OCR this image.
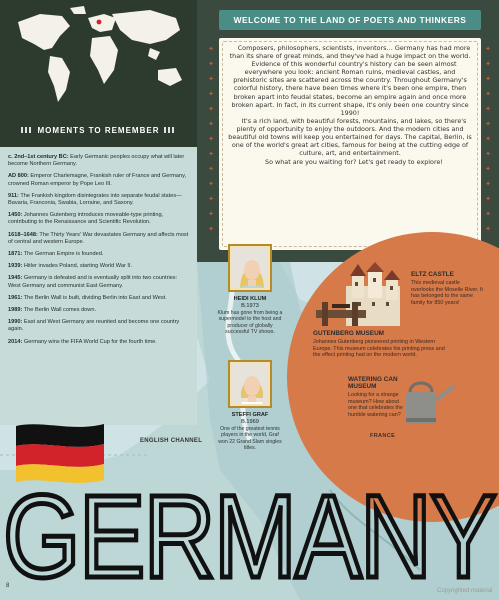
MOMENTS TO REMEMBER

c. 2nd–1st century BC: Early Germanic peoples occupy what will later become Northern Germany.

AD 800: Emperor Charlemagne, Frankish ruler of France and Germany, crowned Roman emperor by Pope Leo III.

911: The Frankish kingdom disintegrates into separate feudal states—Bavaria, Franconia, Swabia, Lorraine, and Saxony.

1450: Johannes Gutenberg introduces moveable-type printing, contributing to the Renaissance and Scientific Revolution.

1618–1648: The Thirty Years' War devastates Germany and affects most of central and western Europe.

1871: The German Empire is founded.

1939: Hitler invades Poland, starting World War II.

1945: Germany is defeated and is eventually split into two countries: West Germany and communist East Germany.

1961: The Berlin Wall is built, dividing Berlin into East and West.

1989: The Berlin Wall comes down.

1990: East and West Germany are reunited and become one country again.

2014: Germany wins the FIFA World Cup for the fourth time.

WELCOME TO THE LAND OF POETS AND THINKERS
✦
✦
✦
✦
✦
✦
✦
✦
✦
✦
✦
✦
✦
✦
✦
✦
✦
✦
✦
✦
✦
✦
✦
✦
✦
✦

Composers, philosophers, scientists, inventors… Germany has had more than its share of great minds, and they've had a huge impact on the world.

Evidence of this wonderful country's history can be seen almost everywhere you look: ancient Roman ruins, medieval castles, and prehistoric sites are scattered across the country. Throughout Germany's colorful history, there have been times where it's been one empire, then broken apart into feudal states, become an empire again and once more broken apart. In fact, in its current shape, it's only been one country since 1990!

It's a rich land, with beautiful forests, mountains, and lakes, so there's plenty of opportunity to enjoy the outdoors. And the modern cities and beautiful old towns will keep you entertained for days. The capital, Berlin, is one of the world's great art cities, famous for being at the cutting edge of culture, art, and entertainment.

So what are you waiting for? Let's get ready to explore!

ELTZ CASTLE
This medieval castle overlooks the Moselle River. It has belonged to the same family for 850 years!
GUTENBERG MUSEUM
Johannes Gutenberg pioneered printing in Western Europe. This museum celebrates his printing press and the effect printing had on the modern world.
WATERING CAN MUSEUM
Looking for a strange museum? How about one that celebrates the humble watering can?
HEIDI KLUM
B.1973
Klum has gone from being a supermodel to the host and producer of globally successful TV shows.
STEFFI GRAF
B.1969
One of the greatest tennis players in the world, Graf won 22 Grand Slam singles titles.
ENGLISH CHANNEL
FRANCE
GERMANY
8
Copyrighted material
